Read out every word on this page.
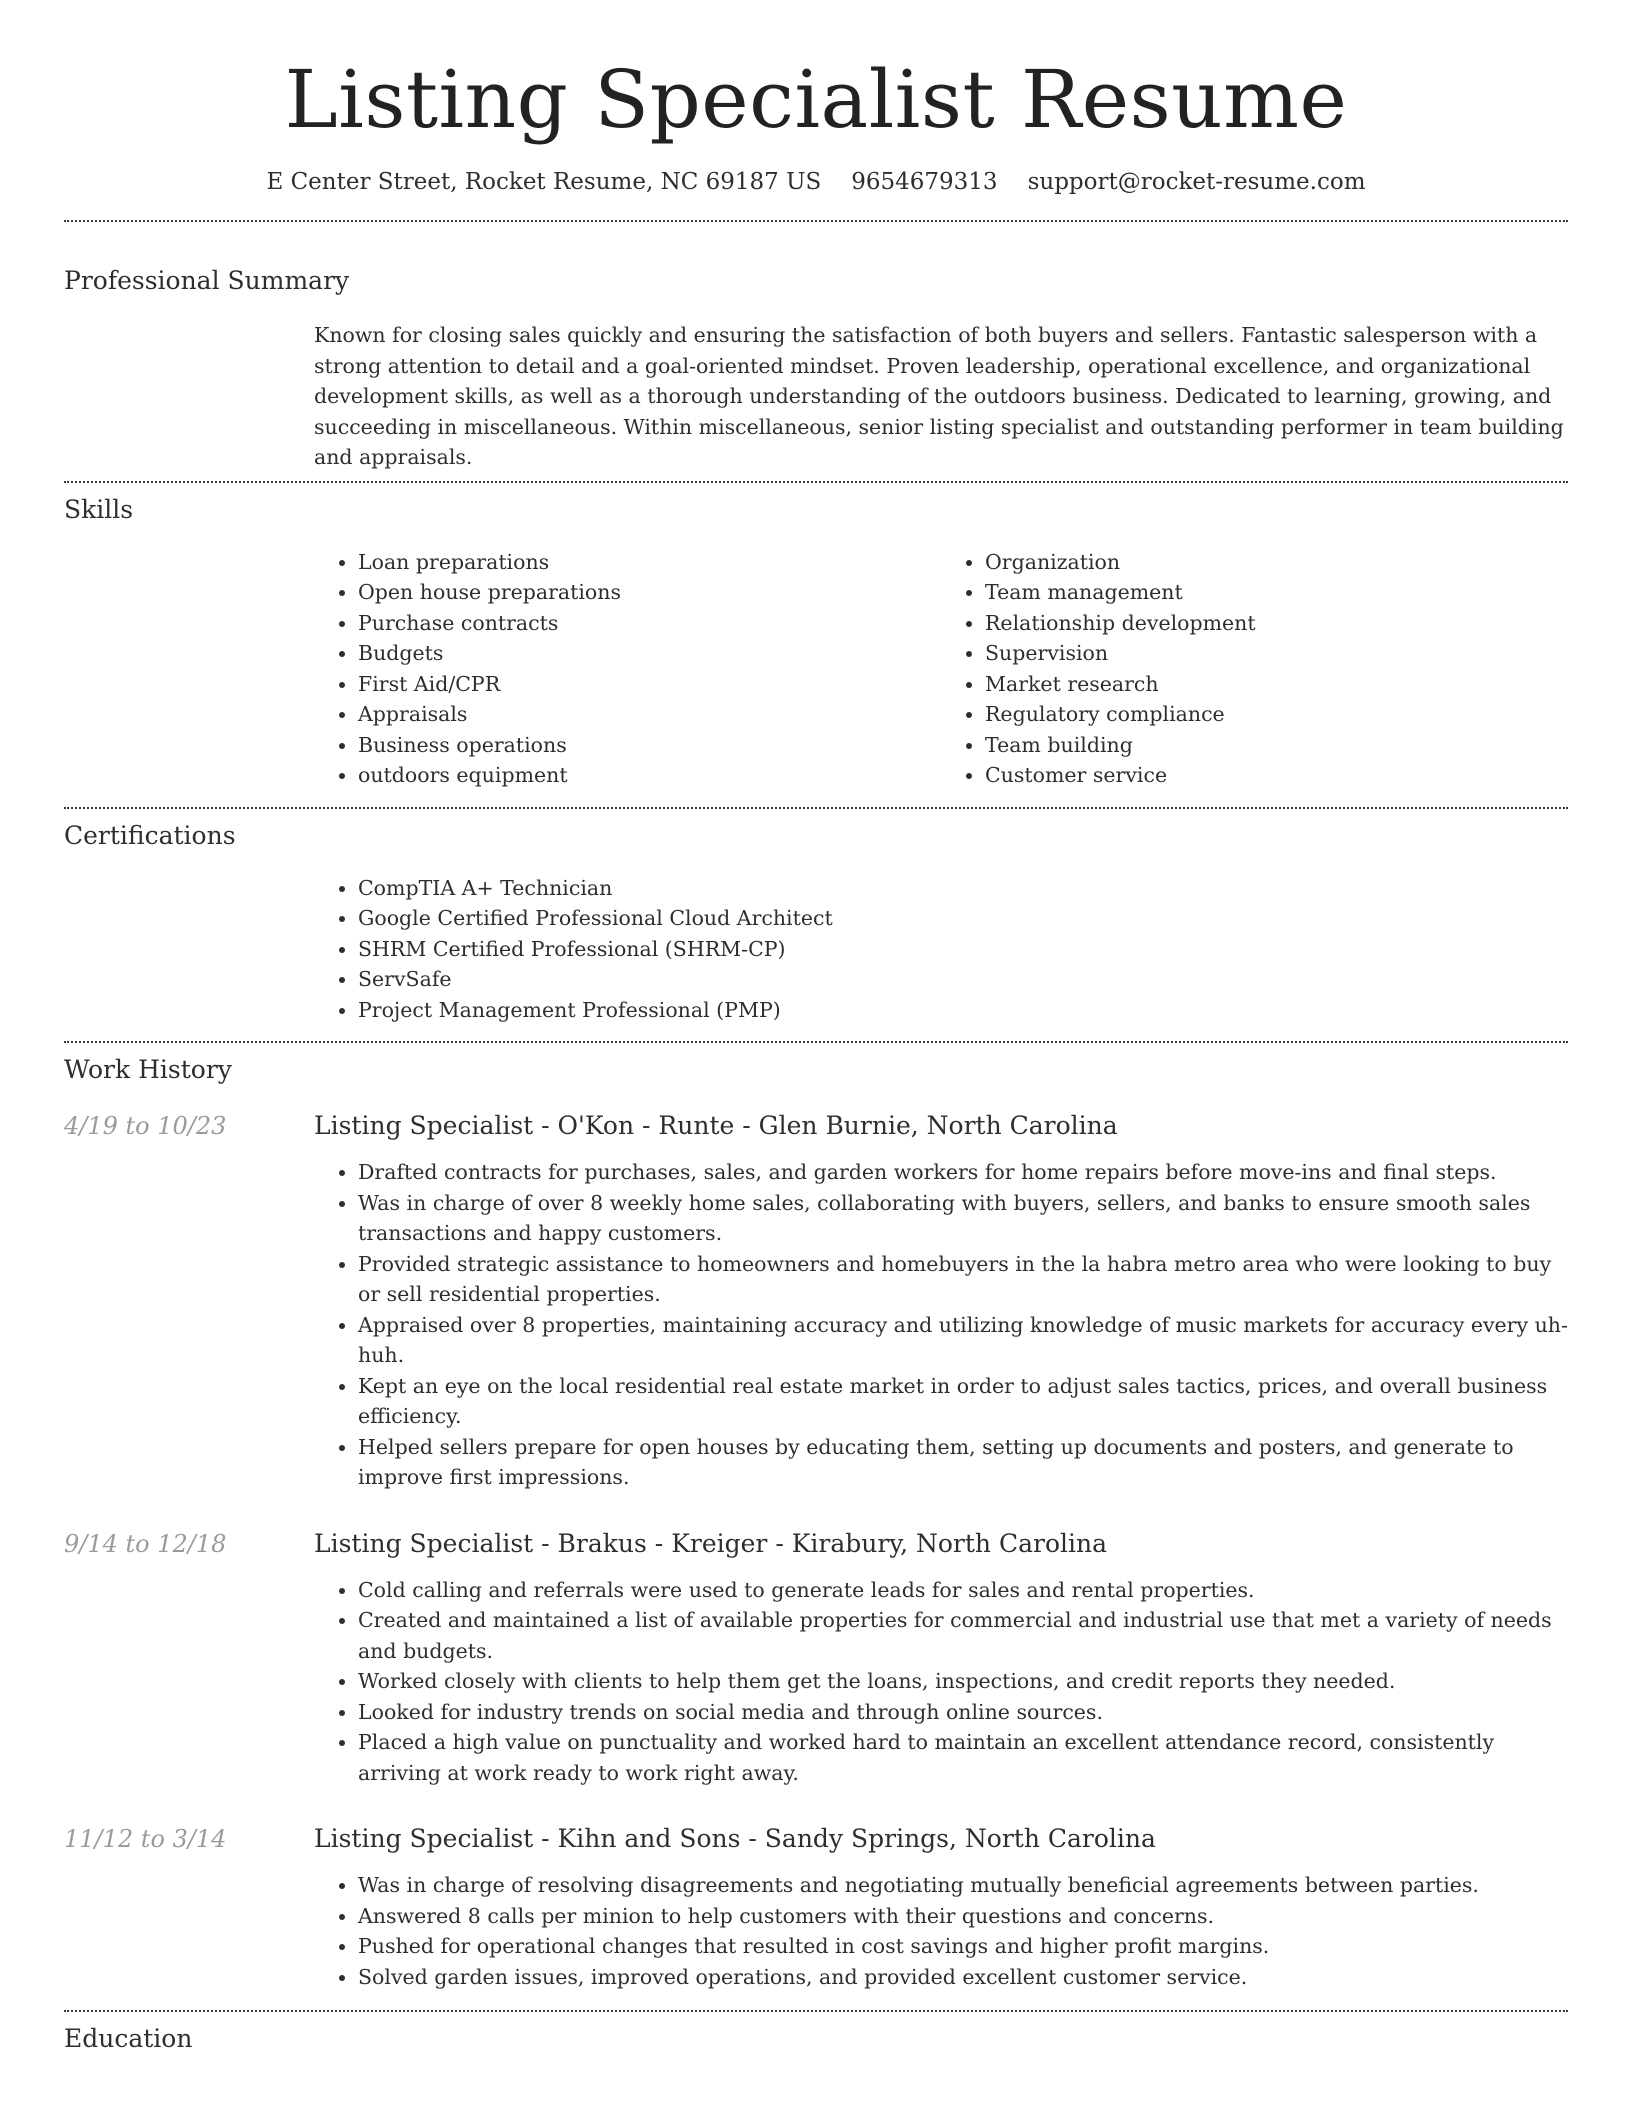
Listing Specialist Resume
E Center Street, Rocket Resume, NC 69187 US 9654679313 support@rocket-resume.com
Professional Summary
Known for closing sales quickly and ensuring the satisfaction of both buyers and sellers. Fantastic salesperson with a strong attention to detail and a goal-oriented mindset. Proven leadership, operational excellence, and organizational development skills, as well as a thorough understanding of the outdoors business. Dedicated to learning, growing, and succeeding in miscellaneous. Within miscellaneous, senior listing specialist and outstanding performer in team building and appraisals.
Skills
• Loan preparations
• Open house preparations
• Purchase contracts
• Budgets
• First Aid/CPR
• Appraisals
• Business operations
• outdoors equipment
• Organization
• Team management
• Relationship development
• Supervision
• Market research
• Regulatory compliance
• Team building
• Customer service
Certifications
• CompTIA A+ Technician
• Google Certified Professional Cloud Architect
• SHRM Certified Professional (SHRM-CP)
• ServSafe
• Project Management Professional (PMP)
Work History
4/19 to 10/23	Listing Specialist - O'Kon - Runte - Glen Burnie, North Carolina
• Drafted contracts for purchases, sales, and garden workers for home repairs before move-ins and final steps.
• Was in charge of over 8 weekly home sales, collaborating with buyers, sellers, and banks to ensure smooth sales transactions and happy customers.
• Provided strategic assistance to homeowners and homebuyers in the la habra metro area who were looking to buy or sell residential properties.
• Appraised over 8 properties, maintaining accuracy and utilizing knowledge of music markets for accuracy every uh-huh.
• Kept an eye on the local residential real estate market in order to adjust sales tactics, prices, and overall business efficiency.
• Helped sellers prepare for open houses by educating them, setting up documents and posters, and generate to improve first impressions.
9/14 to 12/18	Listing Specialist - Brakus - Kreiger - Kirabury, North Carolina
• Cold calling and referrals were used to generate leads for sales and rental properties.
• Created and maintained a list of available properties for commercial and industrial use that met a variety of needs and budgets.
• Worked closely with clients to help them get the loans, inspections, and credit reports they needed.
• Looked for industry trends on social media and through online sources.
• Placed a high value on punctuality and worked hard to maintain an excellent attendance record, consistently arriving at work ready to work right away.
11/12 to 3/14	Listing Specialist - Kihn and Sons - Sandy Springs, North Carolina
• Was in charge of resolving disagreements and negotiating mutually beneficial agreements between parties.
• Answered 8 calls per minion to help customers with their questions and concerns.
• Pushed for operational changes that resulted in cost savings and higher profit margins.
• Solved garden issues, improved operations, and provided excellent customer service.
Education
